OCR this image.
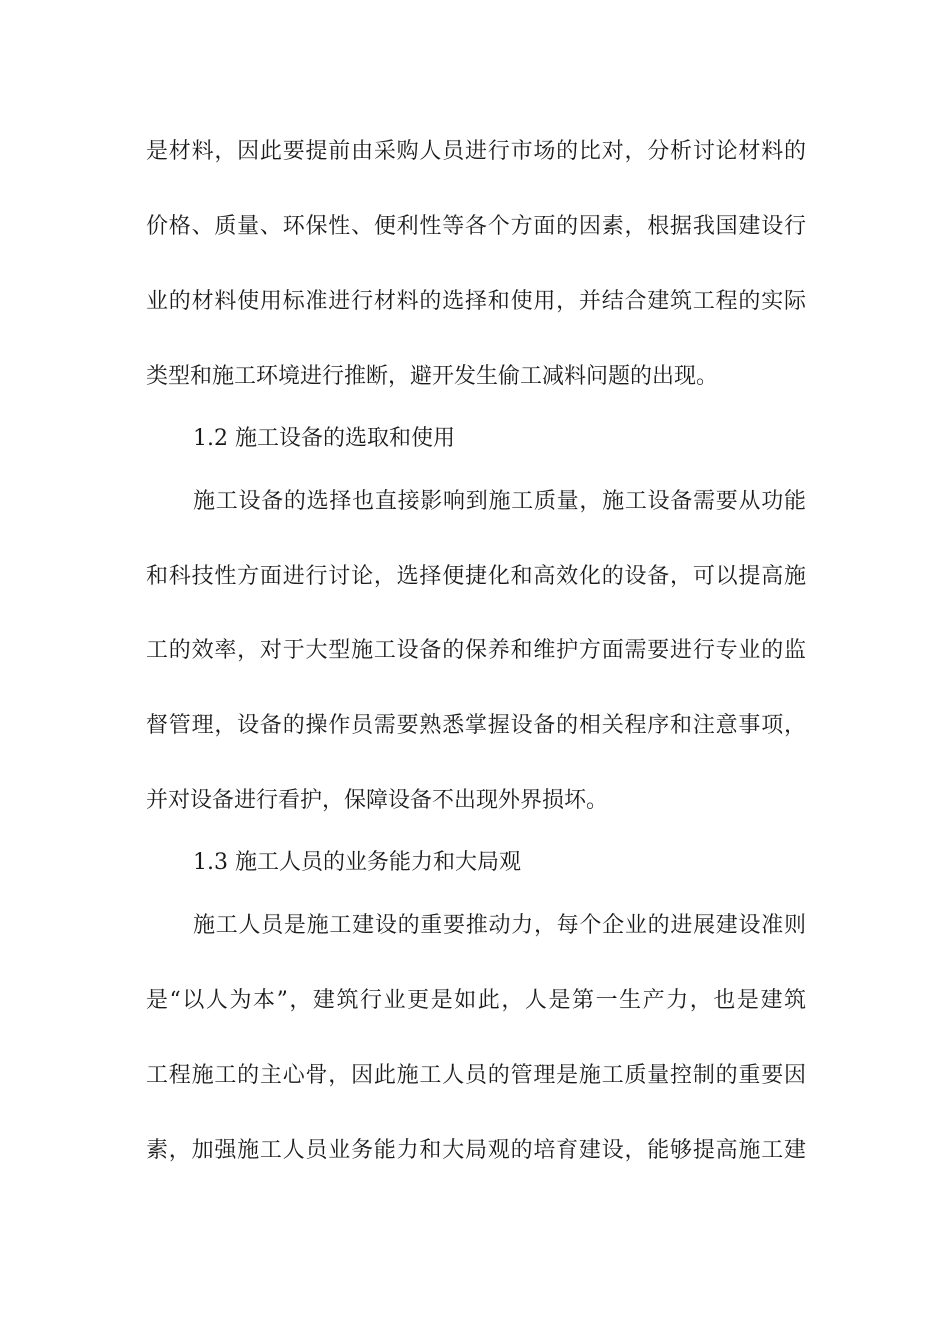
是材料，因此要提前由采购人员进行市场的比对，分析讨论材料的
价格、质量、环保性、便利性等各个方面的因素，根据我国建设行
业的材料使用标准进行材料的选择和使用，并结合建筑工程的实际
类型和施工环境进行推断，避开发生偷工减料问题的出现。
1.2 施工设备的选取和使用
施工设备的选择也直接影响到施工质量，施工设备需要从功能
和科技性方面进行讨论，选择便捷化和高效化的设备，可以提高施
工的效率，对于大型施工设备的保养和维护方面需要进行专业的监
督管理，设备的操作员需要熟悉掌握设备的相关程序和注意事项，
并对设备进行看护，保障设备不出现外界损坏。
1.3 施工人员的业务能力和大局观
施工人员是施工建设的重要推动力，每个企业的进展建设准则
是“以人为本”，建筑行业更是如此，人是第一生产力，也是建筑
工程施工的主心骨，因此施工人员的管理是施工质量控制的重要因
素，加强施工人员业务能力和大局观的培育建设，能够提高施工建
